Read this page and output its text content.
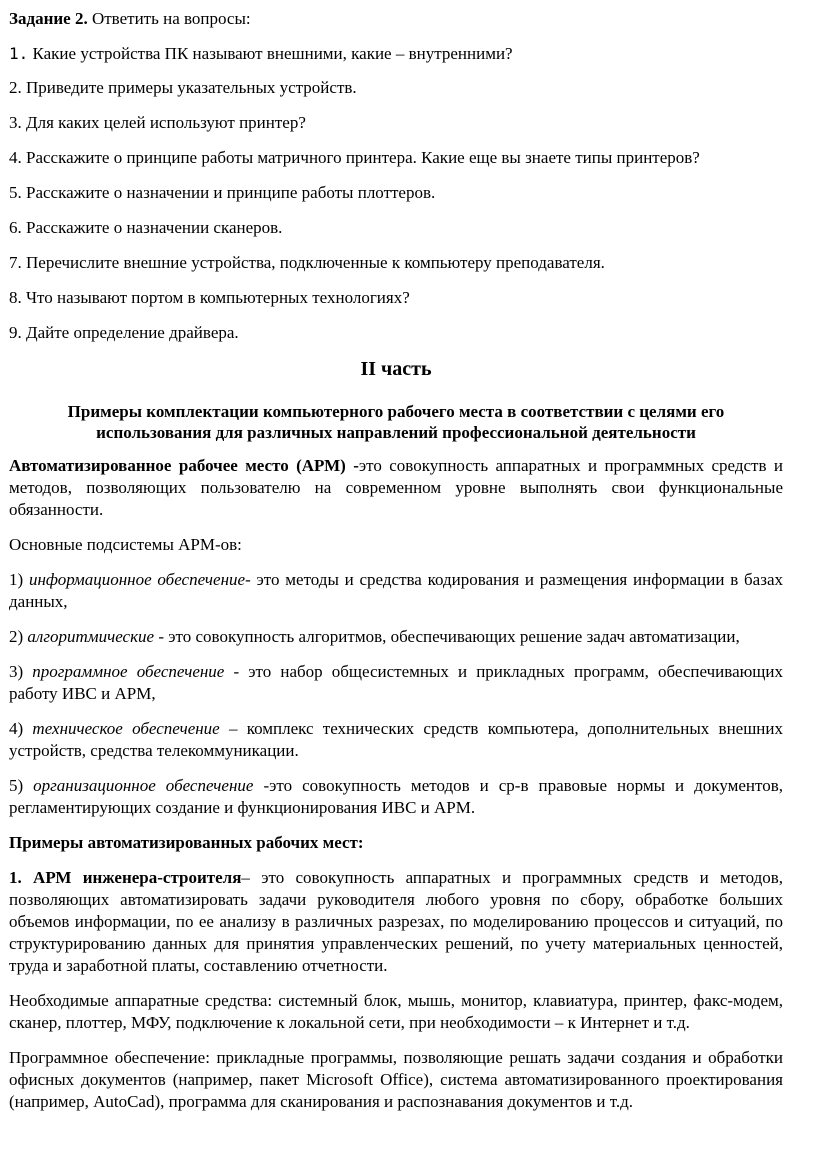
Задание 2. Ответить на вопросы:

1. Какие устройства ПК называют внешними, какие – внутренними?

2. Приведите примеры указательных устройств.

3. Для каких целей используют принтер?

4. Расскажите о принципе работы матричного принтера. Какие еще вы знаете типы принтеров?

5. Расскажите о назначении и принципе работы плоттеров.

6. Расскажите о назначении сканеров.

7. Перечислите внешние устройства, подключенные к компьютеру преподавателя.

8. Что называют портом в компьютерных технологиях?

9. Дайте определение драйвера.

II часть

Примеры комплектации компьютерного рабочего места в соответствии с целями его использования для различных направлений профессиональной деятельности

Автоматизированное рабочее место (АРМ) -это совокупность аппаратных и программных средств и методов, позволяющих пользователю на современном уровне выполнять свои функциональные обязанности.

Основные подсистемы АРМ-ов:

1) информационное обеспечение- это методы и средства кодирования и размещения информации в базах данных,

2) алгоритмические - это совокупность алгоритмов, обеспечивающих решение задач автоматизации,

3) программное обеспечение - это набор общесистемных и прикладных программ, обеспечивающих работу ИВС и АРМ,

4) техническое обеспечение – комплекс технических средств компьютера, дополнительных внешних устройств, средства телекоммуникации.

5) организационное обеспечение -это совокупность методов и ср-в правовые нормы и документов, регламентирующих создание и функционирования ИВС и АРМ.

Примеры автоматизированных рабочих мест:

1. АРМ инженера-строителя– это совокупность аппаратных и программных средств и методов, позволяющих автоматизировать задачи руководителя любого уровня по сбору, обработке больших объемов информации, по ее анализу в различных разрезах, по моделированию процессов и ситуаций, по структурированию данных для принятия управленческих решений, по учету материальных ценностей, труда и заработной платы, составлению отчетности.

Необходимые аппаратные средства: системный блок, мышь, монитор, клавиатура, принтер, факс-модем, сканер, плоттер, МФУ, подключение к локальной сети, при необходимости – к Интернет и т.д.

Программное обеспечение: прикладные программы, позволяющие решать задачи создания и обработки офисных документов (например, пакет Microsoft Office), система автоматизированного проектирования (например, AutoCad), программа для сканирования и распознавания документов и т.д.
